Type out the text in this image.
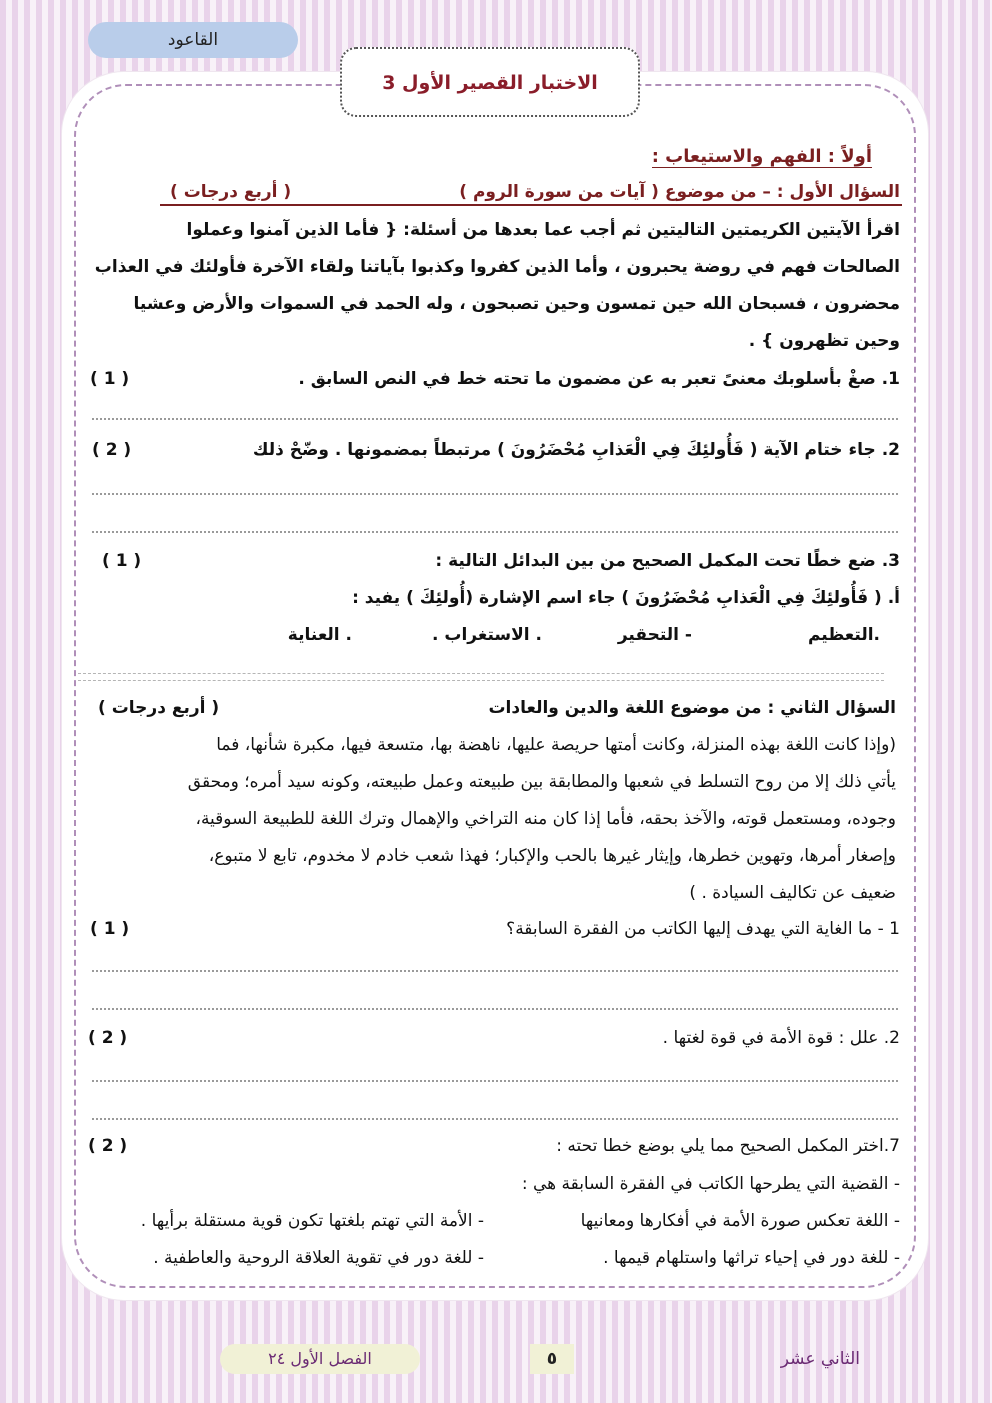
القاعود
الاختبار القصير الأول 3
أولاً : الفهم والاستيعاب :
السؤال الأول : – من موضوع ( آيات من سورة الروم )
( أربع درجات )
اقرأ الآيتين الكريمتين التاليتين ثم أجب عما بعدها من أسئلة: { فأما الذين آمنوا وعملوا
الصالحات فهم في روضة يحبرون ، وأما الذين كفروا وكذبوا بآياتنا ولقاء الآخرة فأولئك في العذاب
محضرون ، فسبحان الله حين تمسون وحين تصبحون ، وله الحمد في السموات والأرض وعشيا
وحين تظهرون } .
1. صغْ بأسلوبك معنىً تعبر به عن مضمون ما تحته خط في النص السابق .
( 1 )
2. جاء ختام الآية ( فَأُولئِكَ فِي الْعَذابِ مُحْضَرُونَ ) مرتبطاً بمضمونها . وضّحْ ذلك
( 2 )
3. ضع خطًا تحت المكمل الصحيح من بين البدائل التالية :
( 1 )
أ. ( فَأُولئِكَ فِي الْعَذابِ مُحْضَرُونَ ) جاء اسم الإشارة (أُولئِكَ ) يفيد :
.التعظيم
- التحقير
. الاستغراب .
. العناية
السؤال الثاني : من موضوع اللغة والدين والعادات
( أربع درجات )
(وإذا كانت اللغة بهذه المنزلة، وكانت أمتها حريصة عليها، ناهضة بها، متسعة فيها، مكبرة شأنها، فما
يأتي ذلك إلا من روح التسلط في شعبها والمطابقة بين طبيعته وعمل طبيعته، وكونه سيد أمره؛ ومحقق
وجوده، ومستعمل قوته، والآخذ بحقه، فأما إذا كان منه التراخي والإهمال وترك اللغة للطبيعة السوقية،
وإصغار أمرها، وتهوين خطرها، وإيثار غيرها بالحب والإكبار؛ فهذا شعب خادم لا مخدوم، تابع لا متبوع،
ضعيف عن تكاليف السيادة . )
1 - ما الغاية التي يهدف إليها الكاتب من الفقرة السابقة؟
( 1 )
2. علل : قوة الأمة في قوة لغتها .
( 2 )
7.اختر المكمل الصحيح مما يلي بوضع خطا تحته :
( 2 )
- القضية التي يطرحها الكاتب في الفقرة السابقة هي :
- اللغة تعكس صورة الأمة في أفكارها ومعانيها
- الأمة التي تهتم بلغتها تكون قوية مستقلة برأيها .
- للغة دور في إحياء تراثها واستلهام قيمها .
- للغة دور في تقوية العلاقة الروحية والعاطفية .
الفصل الأول ٢٤	٥	الثاني عشر
